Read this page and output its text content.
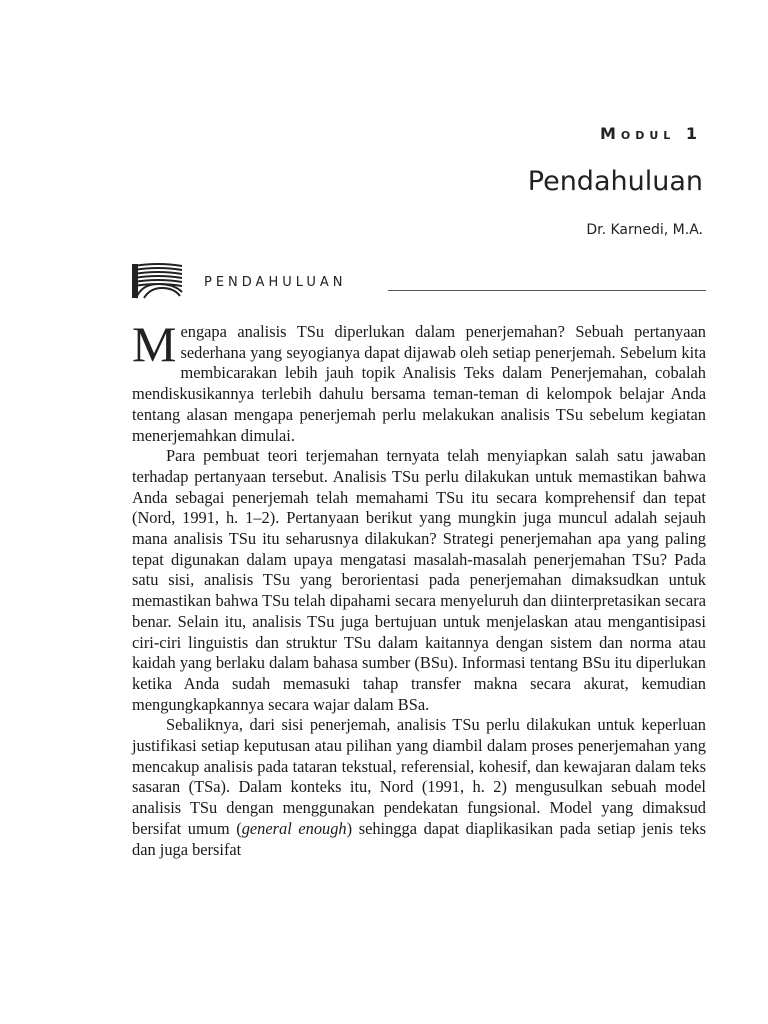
Modul 1
Pendahuluan
Dr. Karnedi, M.A.
PENDAHULUAN

Mengapa analisis TSu diperlukan dalam penerjemahan? Sebuah pertanyaan sederhana yang seyogianya dapat dijawab oleh setiap penerjemah. Sebelum kita membicarakan lebih jauh topik Analisis Teks dalam Penerjemahan, cobalah mendiskusikannya terlebih dahulu bersama teman-teman di kelompok belajar Anda tentang alasan mengapa penerjemah perlu melakukan analisis TSu sebelum kegiatan menerjemahkan dimulai.

Para pembuat teori terjemahan ternyata telah menyiapkan salah satu jawaban terhadap pertanyaan tersebut. Analisis TSu perlu dilakukan untuk memastikan bahwa Anda sebagai penerjemah telah memahami TSu itu secara komprehensif dan tepat (Nord, 1991, h. 1–2). Pertanyaan berikut yang mungkin juga muncul adalah sejauh mana analisis TSu itu seharusnya dilakukan? Strategi penerjemahan apa yang paling tepat digunakan dalam upaya mengatasi masalah-masalah penerjemahan TSu? Pada satu sisi, analisis TSu yang berorientasi pada penerjemahan dimaksudkan untuk memastikan bahwa TSu telah dipahami secara menyeluruh dan diinterpretasikan secara benar. Selain itu, analisis TSu juga bertujuan untuk menjelaskan atau mengantisipasi ciri-ciri linguistis dan struktur TSu dalam kaitannya dengan sistem dan norma atau kaidah yang berlaku dalam bahasa sumber (BSu). Informasi tentang BSu itu diperlukan ketika Anda sudah memasuki tahap transfer makna secara akurat, kemudian mengungkapkannya secara wajar dalam BSa.

Sebaliknya, dari sisi penerjemah, analisis TSu perlu dilakukan untuk keperluan justifikasi setiap keputusan atau pilihan yang diambil dalam proses penerjemahan yang mencakup analisis pada tataran tekstual, referensial, kohesif, dan kewajaran dalam teks sasaran (TSa). Dalam konteks itu, Nord (1991, h. 2) mengusulkan sebuah model analisis TSu dengan menggunakan pendekatan fungsional. Model yang dimaksud bersifat umum (general enough) sehingga dapat diaplikasikan pada setiap jenis teks dan juga bersifat
